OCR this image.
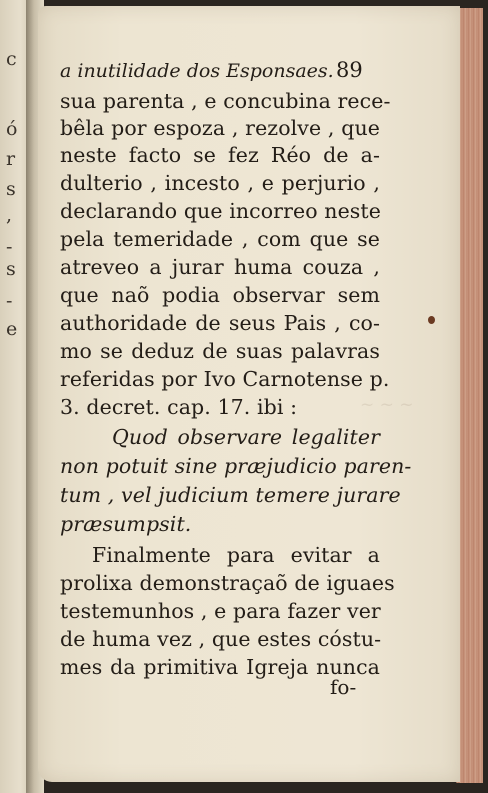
c
ó
r
s
,
s
-
e
-
~ ~ ~
a inutilidade dos Esponsaes. 89
sua parenta , e concubina rece-
bêla por espoza , rezolve , que
neste facto se fez Réo de a-
dulterio , incesto , e perjurio ,
declarando que incorreo neste
pela temeridade , com que se
atreveo a jurar huma couza ,
que naõ podia observar sem
authoridade de seus Pais , co-
mo se deduz de suas palavras
referidas por Ivo Carnotense p.
3. decret. cap. 17. ibi :
Quod observare legaliter
non potuit sine præjudicio paren-
tum , vel judicium temere jurare
præsumpsit.
Finalmente para evitar a
prolixa demonstraçaõ de iguaes
testemunhos , e para fazer ver
de huma vez , que estes cóstu-
mes da primitiva Igreja nunca
fo-
